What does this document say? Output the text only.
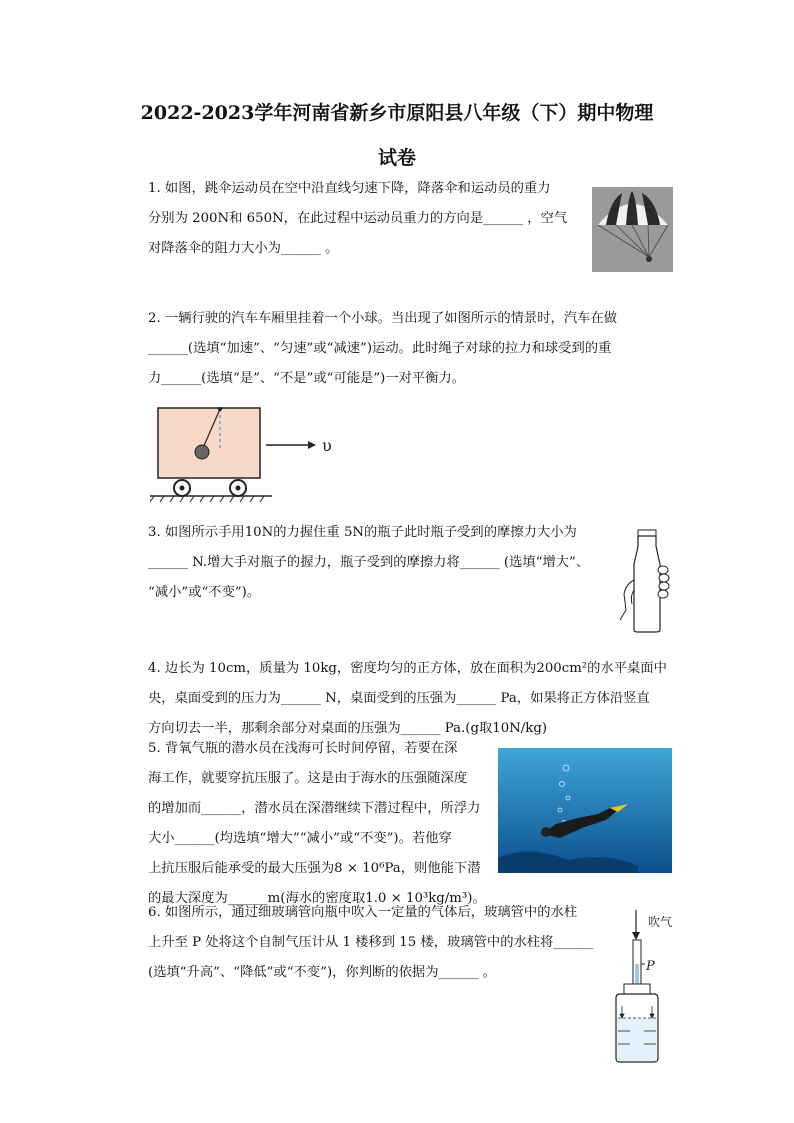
2022-2023学年河南省新乡市原阳县八年级（下）期中物理
试卷

1. 如图，跳伞运动员在空中沿直线匀速下降，降落伞和运动员的重力

分别为 200N和 650N，在此过程中运动员重力的方向是______ ，空气

对降落伞的阻力大小为______ 。

2. 一辆行驶的汽车车厢里挂着一个小球。当出现了如图所示的情景时，汽车在做

______(选填“加速”、“匀速”或“减速”)运动。此时绳子对球的拉力和球受到的重

力______(选填“是”、“不是”或“可能是”)一对平衡力。

υ

3. 如图所示手用10N的力握住重 5N的瓶子此时瓶子受到的摩擦力大小为

______ N.增大手对瓶子的握力，瓶子受到的摩擦力将______ (选填“增大”、

“减小”或“不变”)。

4. 边长为 10cm，质量为 10kg，密度均匀的正方体，放在面积为200cm²的水平桌面中

央，桌面受到的压力为______ N，桌面受到的压强为______ Pa，如果将正方体沿竖直

方向切去一半，那剩余部分对桌面的压强为______ Pa.(g取10N/kg)

5. 背氧气瓶的潜水员在浅海可长时间停留，若要在深

海工作，就要穿抗压服了。这是由于海水的压强随深度

的增加而______，潜水员在深潜继续下潜过程中，所浮力

大小______(均选填“增大”“减小”或“不变”)。若他穿

上抗压服后能承受的最大压强为8 × 10⁶Pa，则他能下潜

的最大深度为______m(海水的密度取1.0 × 10³kg/m³)。

6. 如图所示，通过细玻璃管向瓶中吹入一定量的气体后，玻璃管中的水柱

上升至 P 处将这个自制气压计从 1 楼移到 15 楼，玻璃管中的水柱将______

(选填“升高”、“降低”或“不变”)，你判断的依据为______ 。

吹气
P
